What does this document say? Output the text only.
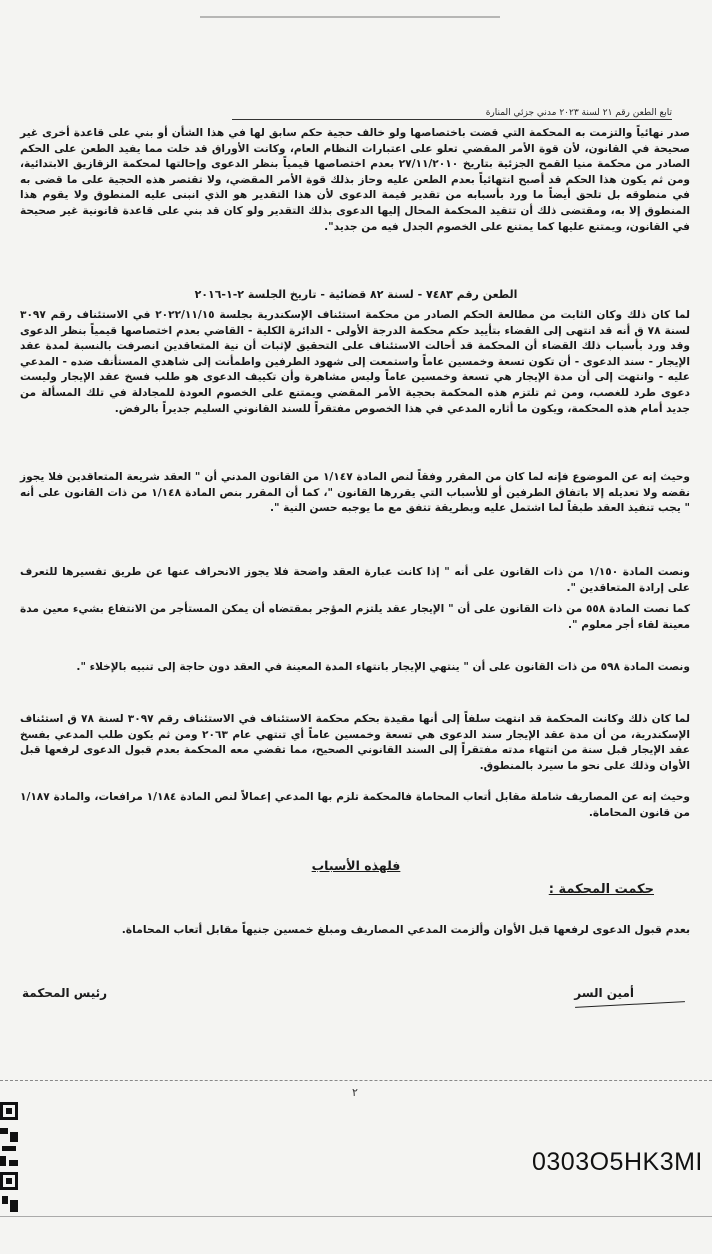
تابع الطعن رقم ٢١ لسنة ٢٠٢٣ مدني جزئي المنارة

صدر نهائياً والتزمت به المحكمة التي قضت باختصاصها ولو خالف حجية حكم سابق لها في هذا الشأن أو بني على قاعدة أخرى غير صحيحة في القانون، لأن قوة الأمر المقضي تعلو على اعتبارات النظام العام، وكانت الأوراق قد خلت مما يفيد الطعن على الحكم الصادر من محكمة منيا القمح الجزئية بتاريخ ٢٧/١١/٢٠١٠ بعدم اختصاصها قيمياً بنظر الدعوى وإحالتها لمحكمة الزقازيق الابتدائية، ومن ثم يكون هذا الحكم قد أصبح انتهائياً بعدم الطعن عليه وحاز بذلك قوة الأمر المقضي، ولا تقتصر هذه الحجية على ما قضى به في منطوقه بل تلحق أيضاً ما ورد بأسبابه من تقدير قيمة الدعوى لأن هذا التقدير هو الذي انبنى عليه المنطوق ولا يقوم هذا المنطوق إلا به، ومقتضى ذلك أن تتقيد المحكمة المحال إليها الدعوى بذلك التقدير ولو كان قد بني على قاعدة قانونية غير صحيحة في القانون، ويمتنع عليها كما يمتنع على الخصوم الجدل فيه من جديد".

الطعن رقم ٧٤٨٣ - لسنة ٨٢ قضائية - تاريخ الجلسة ٢-١-٢٠١٦

لما كان ذلك وكان الثابت من مطالعة الحكم الصادر من محكمة استئناف الإسكندرية بجلسة ٢٠٢٢/١١/١٥ في الاستئناف رقم ٣٠٩٧ لسنة ٧٨ ق أنه قد انتهى إلى القضاء بتأييد حكم محكمة الدرجة الأولى - الدائرة الكلية - القاضي بعدم اختصاصها قيمياً بنظر الدعوى وقد ورد بأسباب ذلك القضاء أن المحكمة قد أحالت الاستئناف على التحقيق لإثبات أن نية المتعاقدين انصرفت بالنسبة لمدة عقد الإيجار - سند الدعوى - أن تكون تسعة وخمسين عاماً واستمعت إلى شهود الطرفين واطمأنت إلى شاهدي المستأنف ضده - المدعي عليه - وانتهت إلى أن مدة الإيجار هي تسعة وخمسين عاماً وليس مشاهرة وأن تكييف الدعوى هو طلب فسخ عقد الإيجار وليست دعوى طرد للغصب، ومن ثم تلتزم هذه المحكمة بحجية الأمر المقضي ويمتنع على الخصوم العودة للمجادلة في تلك المسألة من جديد أمام هذه المحكمة، ويكون ما أثاره المدعي في هذا الخصوص مفتقراً للسند القانوني السليم جديراً بالرفض.

وحيث إنه عن الموضوع فإنه لما كان من المقرر وفقاً لنص المادة ١/١٤٧ من القانون المدني أن " العقد شريعة المتعاقدين فلا يجوز نقضه ولا تعديله إلا باتفاق الطرفين أو للأسباب التي يقررها القانون "، كما أن المقرر بنص المادة ١/١٤٨ من ذات القانون على أنه " يجب تنفيذ العقد طبقاً لما اشتمل عليه وبطريقة تتفق مع ما يوجبه حسن النية ".

ونصت المادة ١/١٥٠ من ذات القانون على أنه " إذا كانت عبارة العقد واضحة فلا يجوز الانحراف عنها عن طريق تفسيرها للتعرف على إرادة المتعاقدين ".

كما نصت المادة ٥٥٨ من ذات القانون على أن " الإيجار عقد يلتزم المؤجر بمقتضاه أن يمكن المستأجر من الانتفاع بشيء معين مدة معينة لقاء أجر معلوم ".

ونصت المادة ٥٩٨ من ذات القانون على أن " ينتهي الإيجار بانتهاء المدة المعينة في العقد دون حاجة إلى تنبيه بالإخلاء ".

لما كان ذلك وكانت المحكمة قد انتهت سلفاً إلى أنها مقيدة بحكم محكمة الاستئناف في الاستئناف رقم ٣٠٩٧ لسنة ٧٨ ق استئناف الإسكندرية، من أن مدة عقد الإيجار سند الدعوى هي تسعة وخمسين عاماً أي تنتهي عام ٢٠٦٣ ومن ثم يكون طلب المدعي بفسخ عقد الإيجار قبل سنة من انتهاء مدته مفتقراً إلى السند القانوني الصحيح، مما تقضي معه المحكمة بعدم قبول الدعوى لرفعها قبل الأوان وذلك على نحو ما سيرد بالمنطوق.

وحيث إنه عن المصاريف شاملة مقابل أتعاب المحاماة فالمحكمة تلزم بها المدعي إعمالاً لنص المادة ١/١٨٤ مرافعات، والمادة ١/١٨٧ من قانون المحاماة.

فلهذه الأسباب
حكمت المحكمة :

بعدم قبول الدعوى لرفعها قبل الأوان وألزمت المدعي المصاريف ومبلغ خمسين جنيهاً مقابل أتعاب المحاماة.

أمين السر
رئيس المحكمة
٢
0303O5HK3MI
